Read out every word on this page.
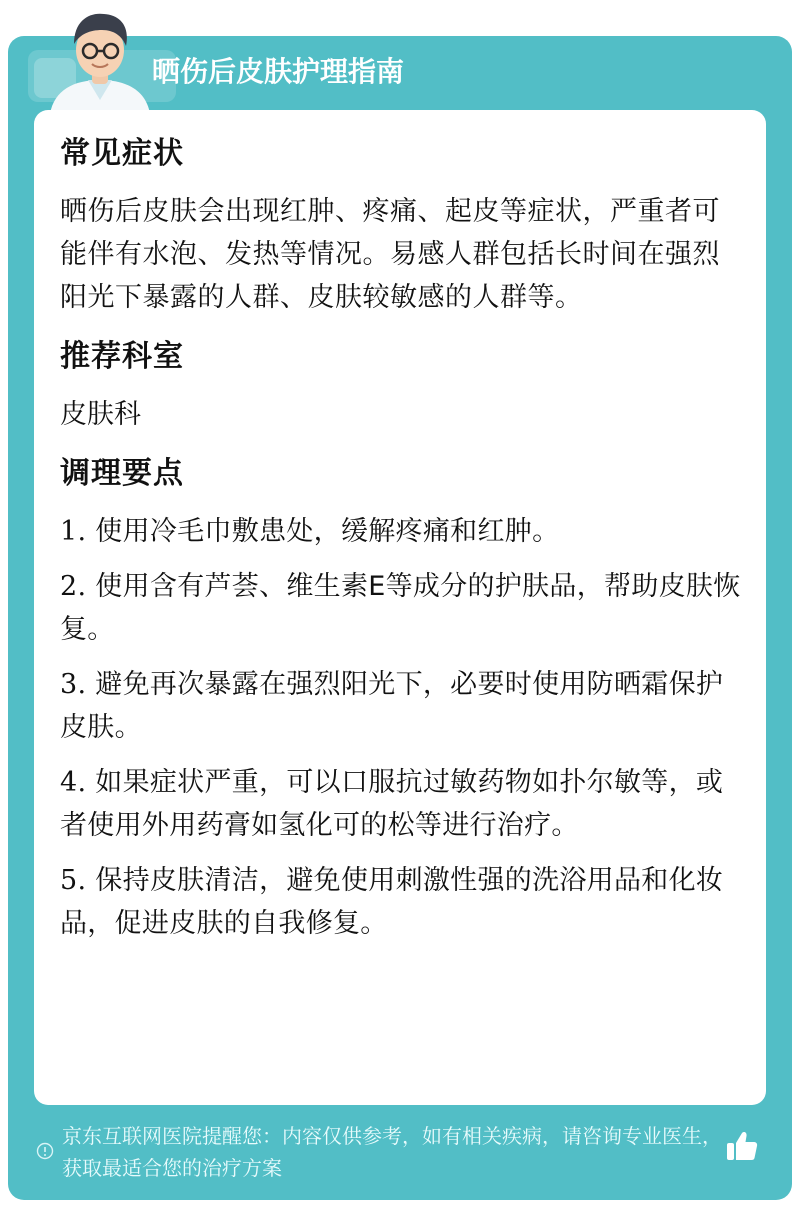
晒伤后皮肤护理指南
常见症状
晒伤后皮肤会出现红肿、疼痛、起皮等症状，严重者可能伴有水泡、发热等情况。易感人群包括长时间在强烈阳光下暴露的人群、皮肤较敏感的人群等。
推荐科室
皮肤科
调理要点
1. 使用冷毛巾敷患处，缓解疼痛和红肿。
2. 使用含有芦荟、维生素E等成分的护肤品，帮助皮肤恢复。
3. 避免再次暴露在强烈阳光下，必要时使用防晒霜保护皮肤。
4. 如果症状严重，可以口服抗过敏药物如扑尔敏等，或者使用外用药膏如氢化可的松等进行治疗。
5. 保持皮肤清洁，避免使用刺激性强的洗浴用品和化妆品，促进皮肤的自我修复。
京东互联网医院提醒您：内容仅供参考，如有相关疾病，请咨询专业医生，获取最适合您的治疗方案
